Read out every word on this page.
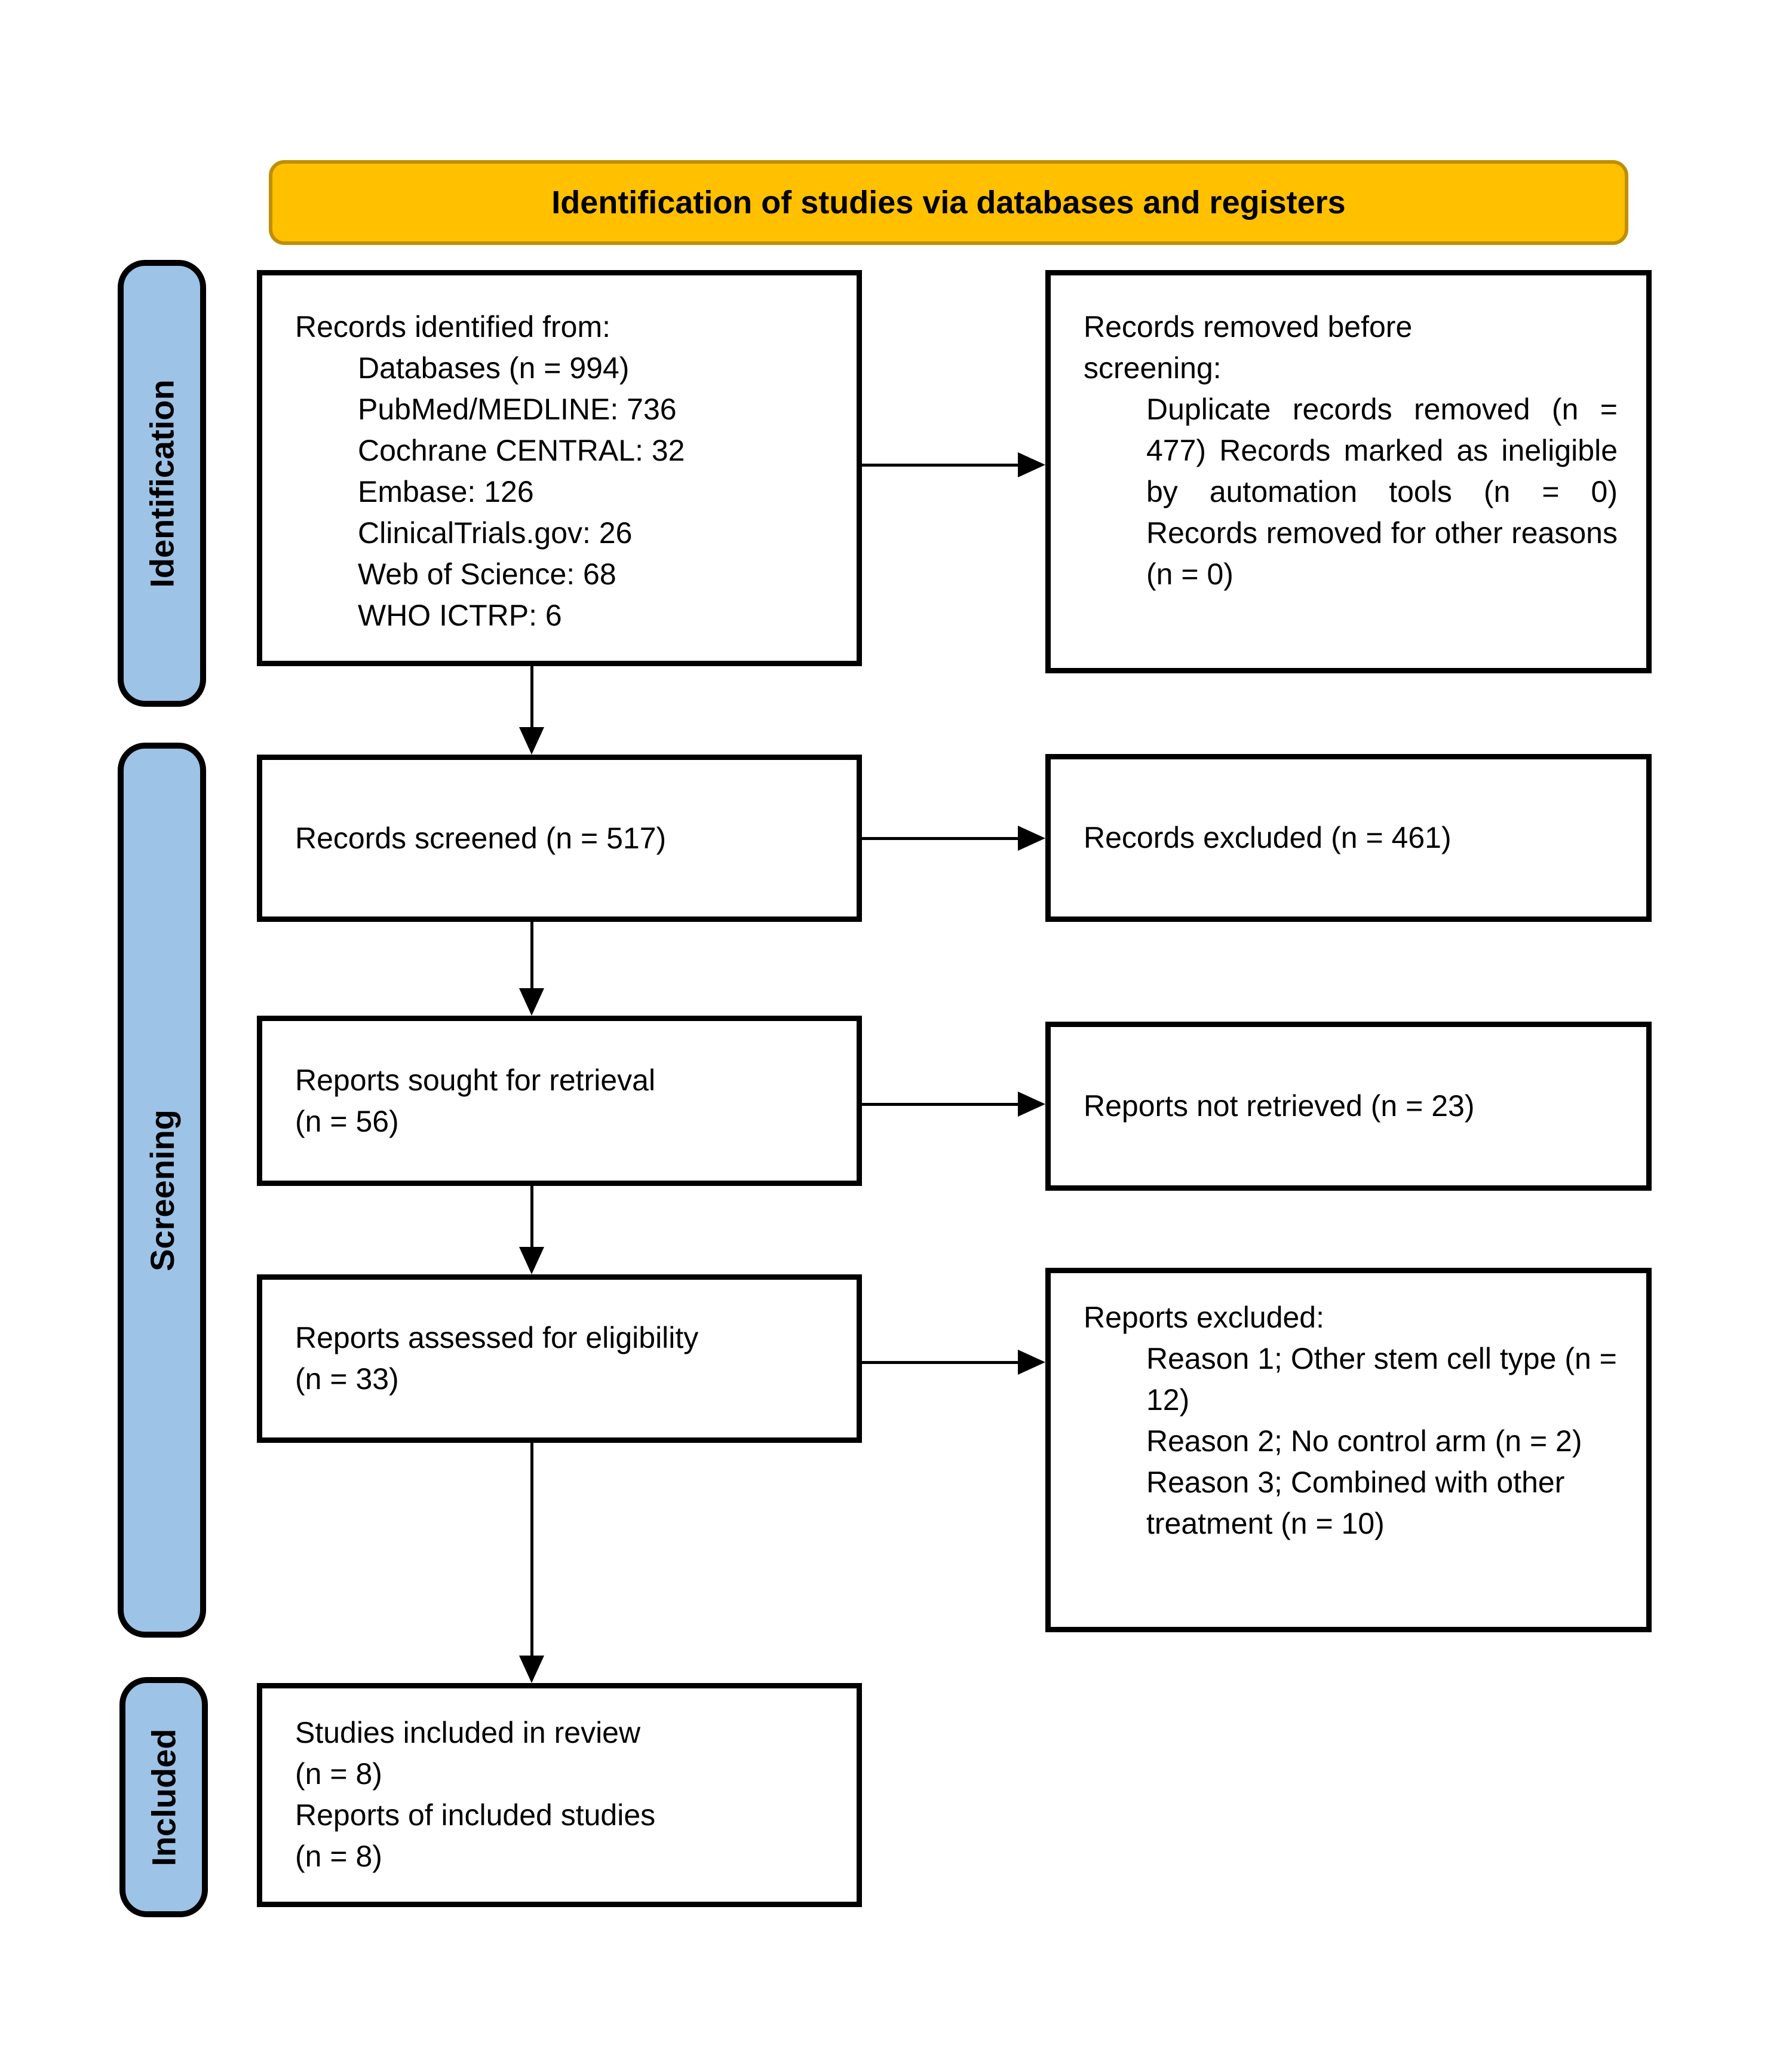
Identification of studies via databases and registers
Identification
Screening
Included
Records identified from:
Databases (n = 994)
PubMed/MEDLINE: 736
Cochrane CENTRAL: 32
Embase: 126
ClinicalTrials.gov: 26
Web of Science: 68
WHO ICTRP: 6
Records removed before
screening:
Duplicate records removed (n = 477) Records marked as ineligible by automation tools (n = 0) Records removed for other reasons (n = 0)
Records screened (n = 517)	Records excluded (n = 461)
Reports sought for retrieval
(n = 56)	Reports not retrieved (n = 23)
Reports assessed for eligibility
(n = 33)
Reports excluded:
Reason 1; Other stem cell type (n = 12)
Reason 2; No control arm (n = 2)
Reason 3; Combined with other treatment (n = 10)
Studies included in review
(n = 8)
Reports of included studies
(n = 8)
